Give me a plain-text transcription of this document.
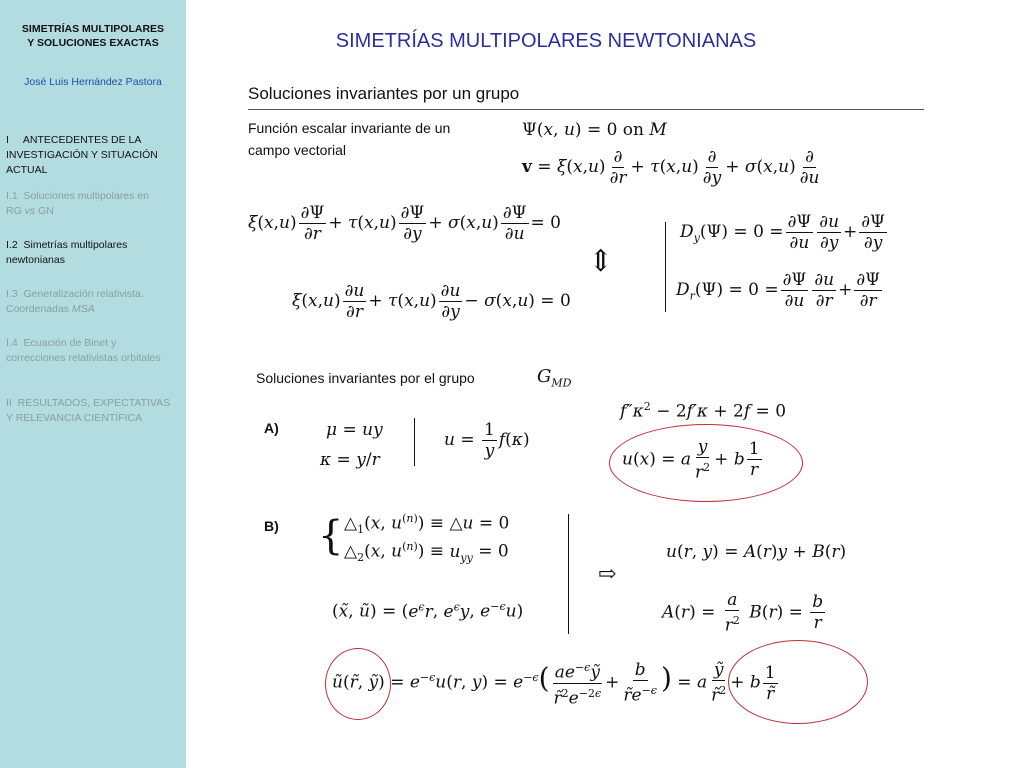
SIMETRÍAS MULTIPOLARES
Y SOLUCIONES EXACTAS
José Luis Hernández Pastora
I     ANTECEDENTES DE LA
INVESTIGACIÓN Y SITUACIÓN
ACTUAL
I.1  Soluciones multipolares en
RG vs GN
I.2  Simetrías multipolares
newtonianas
I.3  Generalización relativista.
Coordenadas MSA
I.4  Ecuación de Binet y
correcciones relativistas orbitales
II  RESULTADOS, EXPECTATIVAS
Y RELEVANCIA CIENTÍFICA
SIMETRÍAS MULTIPOLARES NEWTONIANAS
Soluciones invariantes por un grupo
Función escalar invariante de un
campo vectorial
Ψ(x, u) = 0 on M
$v = \xi(x,u) \frac{\partial}{\partial r} + \tau(x,u) \frac{\partial}{\partial y} + \sigma(x,u) \frac{\partial}{\partial u}$
$\xi(x,u) \frac{\partial\Psi}{\partial r} + \tau(x,u) \frac{\partial\Psi}{\partial y} + \sigma(x,u) \frac{\partial\Psi}{\partial u} = 0$
⇕
$\xi(x,u) \frac{\partial u}{\partial r} + \tau(x,u) \frac{\partial u}{\partial y} - \sigma(x,u) = 0$
$D_y(\Psi) = 0 = \frac{\partial\Psi}{\partial u} \frac{\partial u}{\partial y} + \frac{\partial\Psi}{\partial y}$
$D_r(\Psi) = 0 = \frac{\partial\Psi}{\partial u} \frac{\partial u}{\partial r} + \frac{\partial\Psi}{\partial r}$
Soluciones invariantes por el grupo	$G_{MD}$
$f''\kappa^2 - 2f'\kappa + 2f = 0$
A)	μ = uy
κ = y/r
$u = \frac{1}{y} f(\kappa)$
u(x) = a $\frac{y}{r^2} + b \frac{1}{r}$
B) { $\triangle_1(x$, $u^{(n)}$) ≡ △u = 0
$\triangle_2(x$, $u^{(n)}) \equiv u_{yy} = 0$
(x̃, ũ) = ($e^\epsilon r$, $e^\epsilon y$, $e^{-\epsilon}u$)
⇨
u(r, y) = A(r)y + B(r)
$A(r) = \frac{a}{r^2} B(r) = \frac{b}{r}$
ũ(r̃, ỹ) = $e^{-\epsilon}u(r$, $y) = e^{-\epsilon}( \frac{ae^{-\epsilon}ỹ}{r̃^2e^{-2\epsilon}} + \frac{b}{r̃e^{-\epsilon}}$ ) = a $\frac{\text{ỹ}}{r̃^2} + b \frac{1}{r̃}$
